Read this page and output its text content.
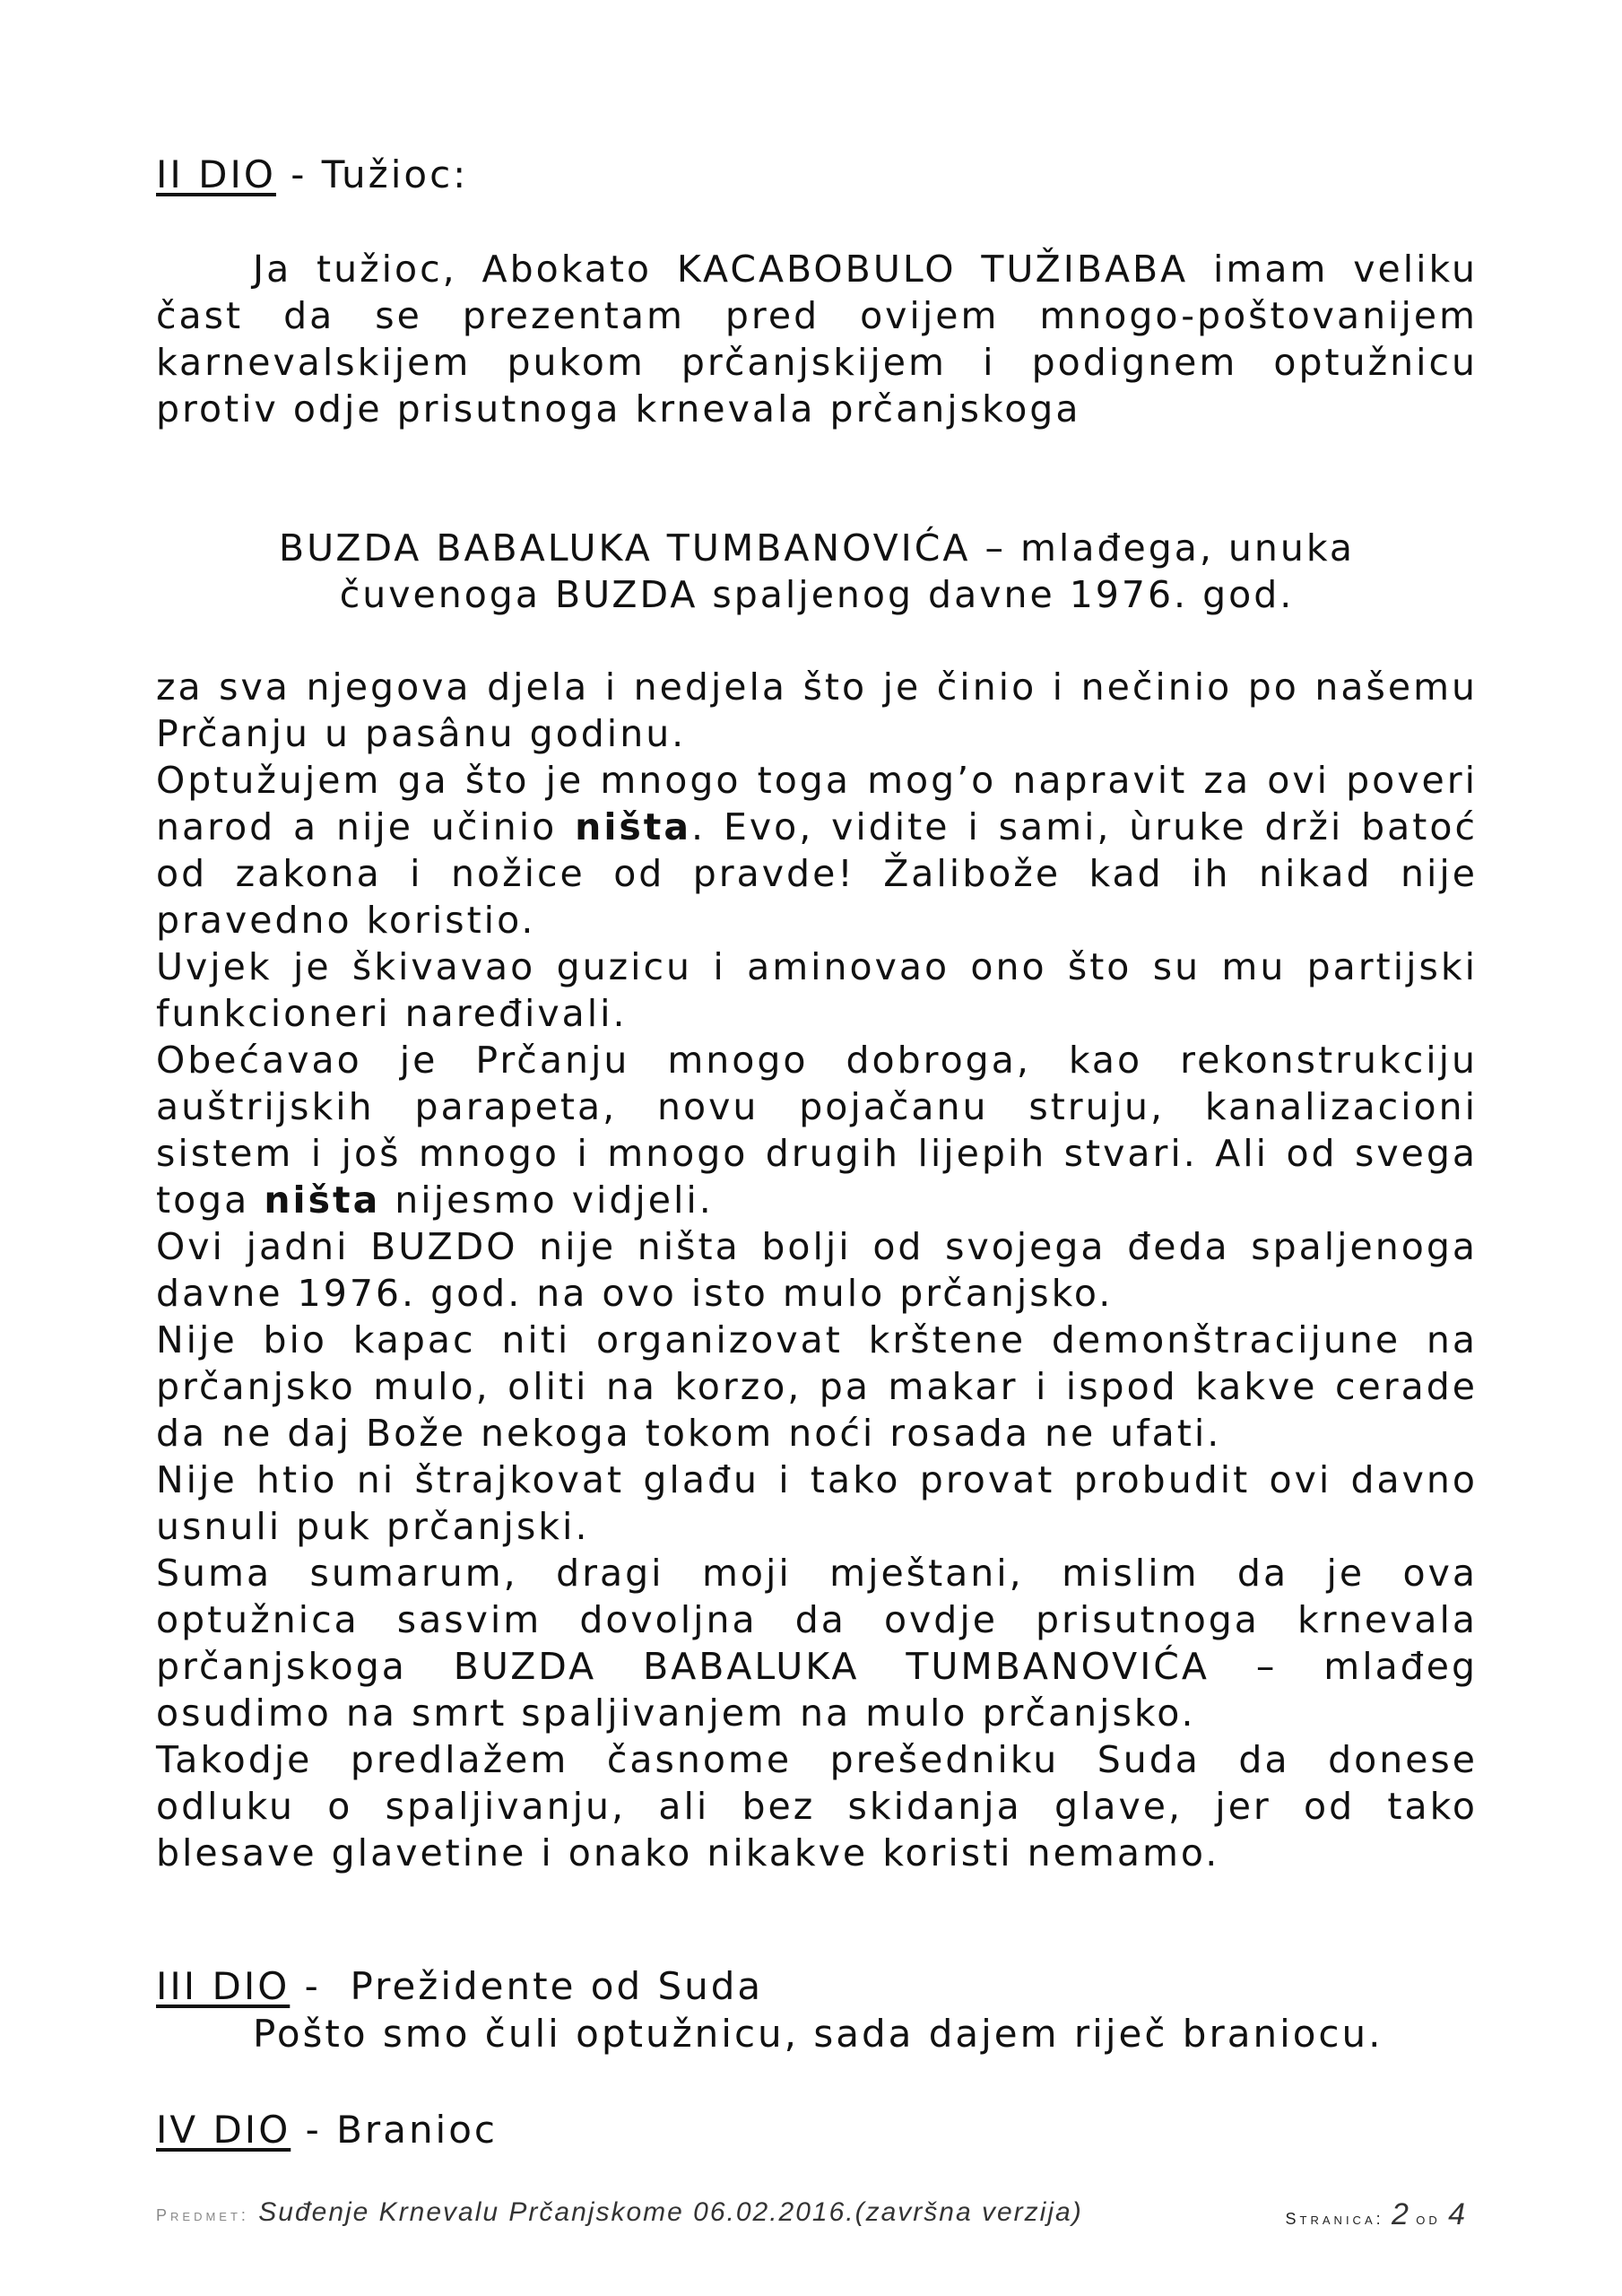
II DIO - Tužioc:

Ja tužioc, Abokato KACABOBULO TUŽIBABA imam veliku čast da se prezentam pred ovijem mnogo-poštovanijem karnevalskijem pukom prčanjskijem i podignem optužnicu protiv odje prisutnoga krnevala prčanjskoga

BUZDA BABALUKA TUMBANOVIĆA – mlađega, unuka
čuvenoga BUZDA spaljenog davne 1976. god.

za sva njegova djela i nedjela što je činio i nečinio po našemu Prčanju u pasânu godinu.

Optužujem ga što je mnogo toga mog’o napravit za ovi poveri narod a nije učinio ništa. Evo, vidite i sami, ùruke drži batoć od zakona i nožice od pravde! Žalibože kad ih nikad nije pravedno koristio.

Uvjek je škivavao guzicu i aminovao ono što su mu partijski funkcioneri naređivali.

Obećavao je Prčanju mnogo dobroga, kao rekonstrukciju auštrijskih parapeta, novu pojačanu struju, kanalizacioni sistem i još mnogo i mnogo drugih lijepih stvari. Ali od svega toga ništa nijesmo vidjeli.

Ovi jadni BUZDO nije ništa bolji od svojega đeda spaljenoga davne 1976. god. na ovo isto mulo prčanjsko.

Nije bio kapac niti organizovat krštene demonštracijune na prčanjsko mulo, oliti na korzo, pa makar i ispod kakve cerade da ne daj Bože nekoga tokom noći rosada ne ufati.

Nije htio ni štrajkovat glađu i tako provat probudit ovi davno usnuli puk prčanjski.

Suma sumarum, dragi moji mještani, mislim da je ova optužnica sasvim dovoljna da ovdje prisutnoga krnevala prčanjskoga BUZDA BABALUKA TUMBANOVIĆA – mlađeg osudimo na smrt spaljivanjem na mulo prčanjsko.

Takodje predlažem časnome prešedniku Suda da donese odluku o spaljivanju, ali bez skidanja glave, jer od tako blesave glavetine i onako nikakve koristi nemamo.

III DIO -  Prežidente od Suda
Pošto smo čuli optužnicu, sada dajem riječ braniocu.
IV DIO - Branioc
Predmet: Suđenje Krnevalu Prčanjskome 06.02.2016.(završna verzija)	Stranica: 2 od 4
